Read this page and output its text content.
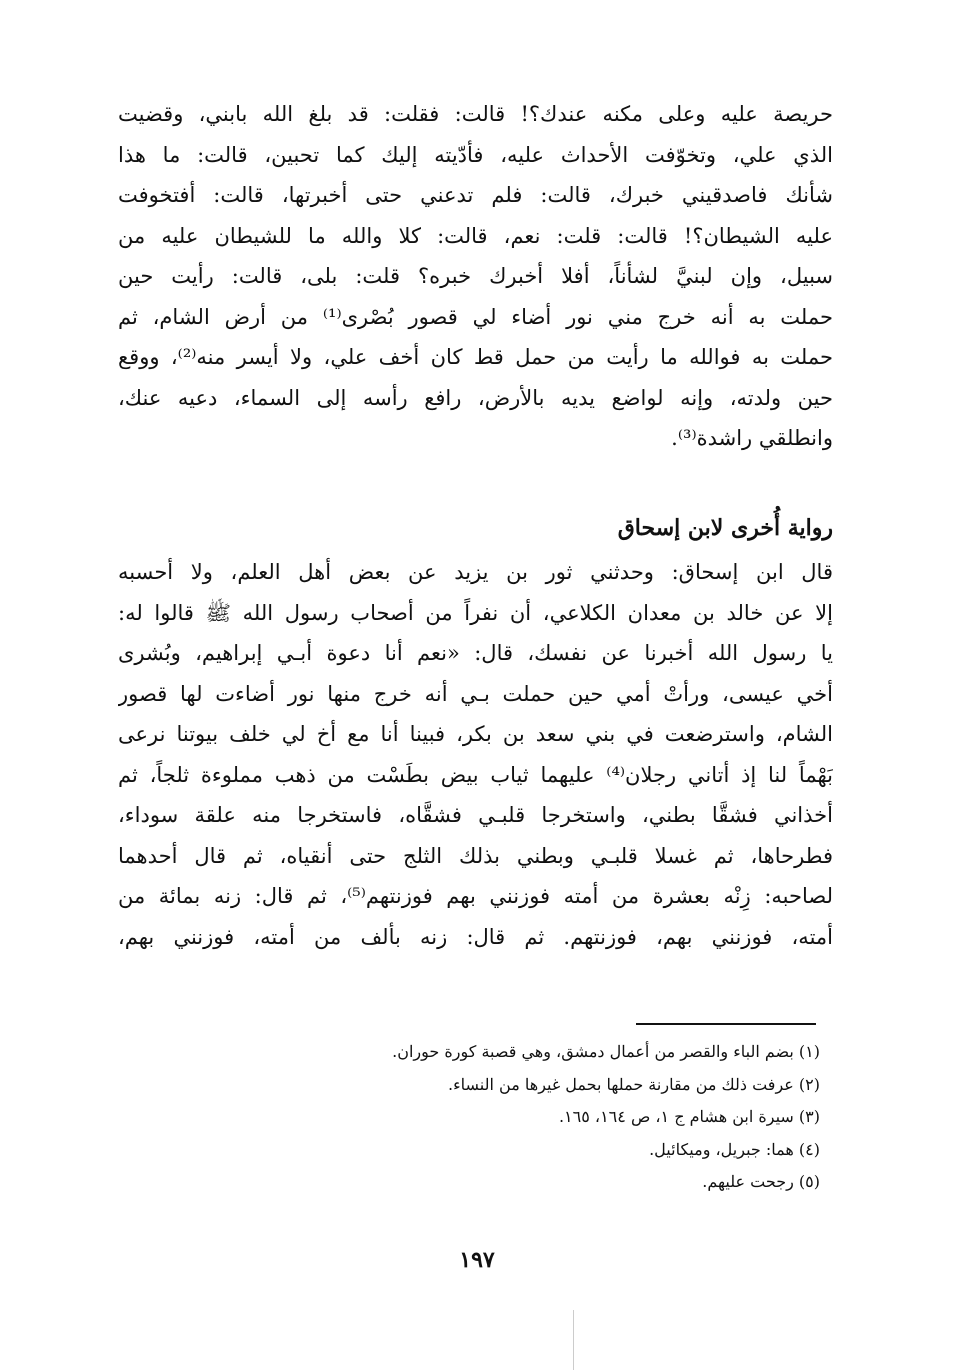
حريصة عليه وعلى مكنه عندك؟! قالت: فقلت: قد بلغ الله بابني، وقضيت
الذي علي، وتخوّفت الأحداث عليه، فأدّيته إليك كما تحبين، قالت: ما هذا
شأنك فاصدقيني خبرك، قالت: فلم تدعني حتى أخبرتها، قالت: أفتخوفت
عليه الشيطان؟! قالت: قلت: نعم، قالت: كلا والله ما للشيطان عليه من
سبيل، وإن لبنيَّ لشأناً، أفلا أخبرك خبره؟ قلت: بلى، قالت: رأيت حين
حملت به أنه خرج مني نور أضاء لي قصور بُصْرى⁽¹⁾ من أرض الشام، ثم
حملت به فوالله ما رأيت من حمل قط كان أخف علي، ولا أيسر منه⁽²⁾، ووقع
حين ولدته، وإنه لواضع يديه بالأرض، رافع رأسه إلى السماء، دعيه عنك،
وانطلقي راشدة⁽³⁾.
رواية أُخرى لابن إسحاق
قال ابن إسحاق: وحدثني ثور بن يزيد عن بعض أهل العلم، ولا أحسبه
إلا عن خالد بن معدان الكلاعي، أن نفراً من أصحاب رسول الله ﷺ قالوا له:
يا رسول الله أخبرنا عن نفسك، قال: «نعم أنا دعوة أبـي إبراهيم، وبُشرى
أخي عيسى، ورأتْ أمي حين حملت بـي أنه خرج منها نور أضاءت لها قصور
الشام، واسترضعت في بني سعد بن بكر، فبينا أنا مع أخ لي خلف بيوتنا نرعى
بَهْماً لنا إذ أتاني رجلان⁽⁴⁾ عليهما ثياب بيض بطَسْت من ذهب مملوءة ثلجاً، ثم
أخذاني فشقَّا بطني، واستخرجا قلبـي فشقَّاه، فاستخرجا منه علقة سوداء،
فطرحاها، ثم غسلا قلبـي وبطني بذلك الثلج حتى أنقياه، ثم قال أحدهما
لصاحبه: زِنْه بعشرة من أمته فوزنني بهم فوزنتهم⁽⁵⁾، ثم قال: زنه بمائة من
أمته، فوزنني بهم، فوزنتهم. ثم قال: زنه بألف من أمته، فوزنني بهم،
(١) بضم الباء والقصر من أعمال دمشق، وهي قصبة كورة حوران.
(٢) عرفت ذلك من مقارنة حملها بحمل غيرها من النساء.
(٣) سيرة ابن هشام ج ١، ص ١٦٤، ١٦٥.
(٤) هما: جبريل، وميكائيل.
(٥) رجحت عليهم.
١٩٧
